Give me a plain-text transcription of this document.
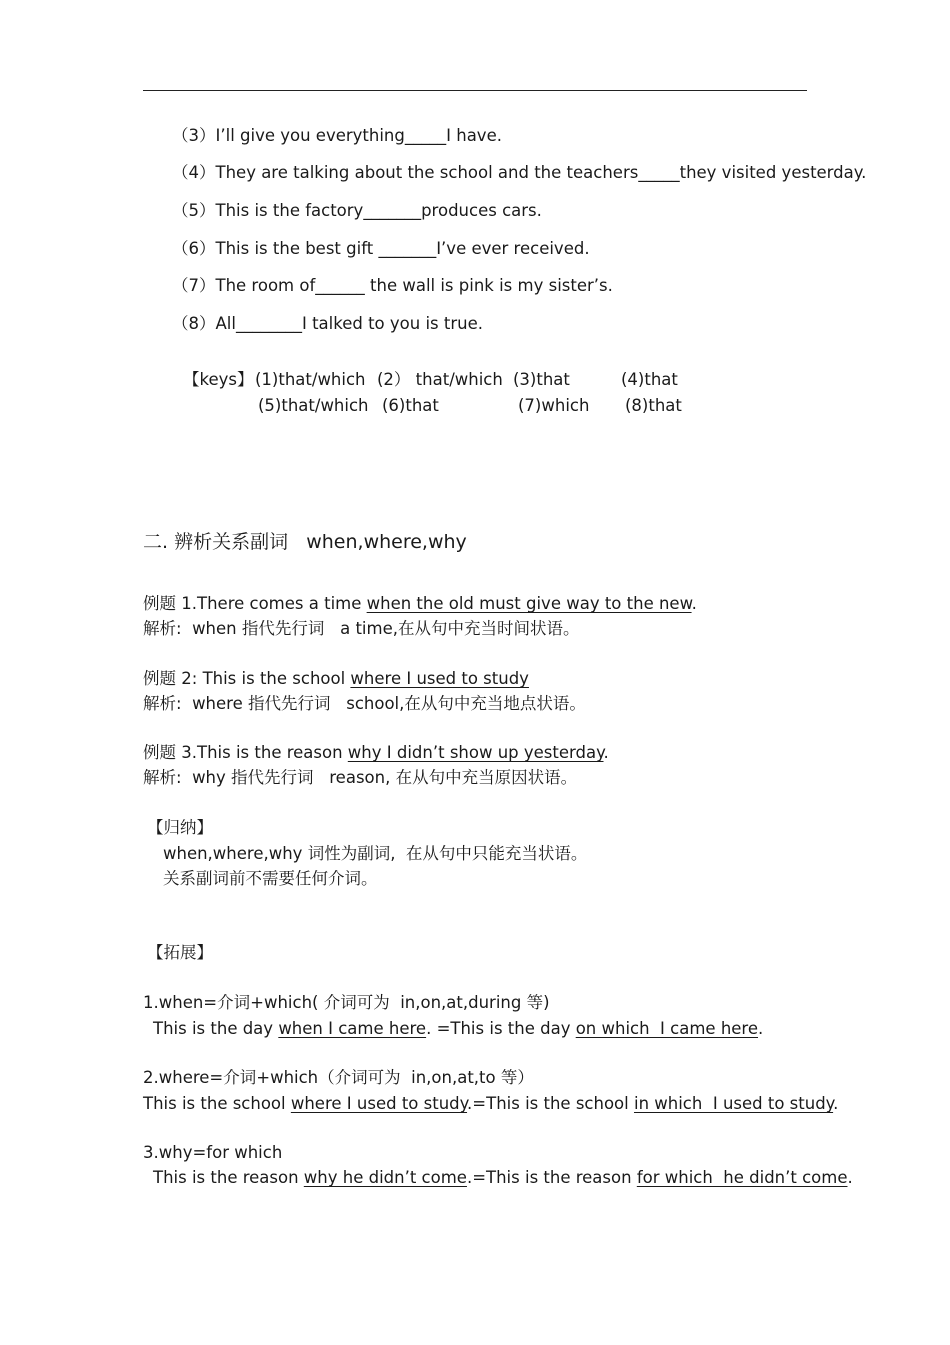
（3）I’ll give you everything_____I have.
（4）They are talking about the school and the teachers_____they visited yesterday.
（5）This is the factory_______produces cars.
（6）This is the best gift _______I’ve ever received.
（7）The room of______ the wall is pink is my sister’s.
（8）All________I talked to you is true.
【keys】 (1)that/which (2） that/which (3)that	(4)that
(5)that/which (6)that	(7)which (8)that
二. 辨析关系副词 when,where,why
例题 1.There comes a time when the old must give way to the new.
解析: when 指代先行词   a time,在从句中充当时间状语。
例题 2: This is the school where I used to study
解析: where 指代先行词   school,在从句中充当地点状语。
例题 3.This is the reason why I didn’t show up yesterday.
解析: why 指代先行词   reason, 在从句中充当原因状语。
【归纳】
when,where,why 词性为副词,  在从句中只能充当状语。
关系副词前不需要任何介词。
【拓展】
1.when=介词+which( 介词可为  in,on,at,during 等)
This is the day when I came here. =This is the day on which  I came here.
2.where=介词+which（介词可为  in,on,at,to 等）
This is the school where I used to study.=This is the school in which  I used to study.
3.why=for which
This is the reason why he didn’t come.=This is the reason for which  he didn’t come.
